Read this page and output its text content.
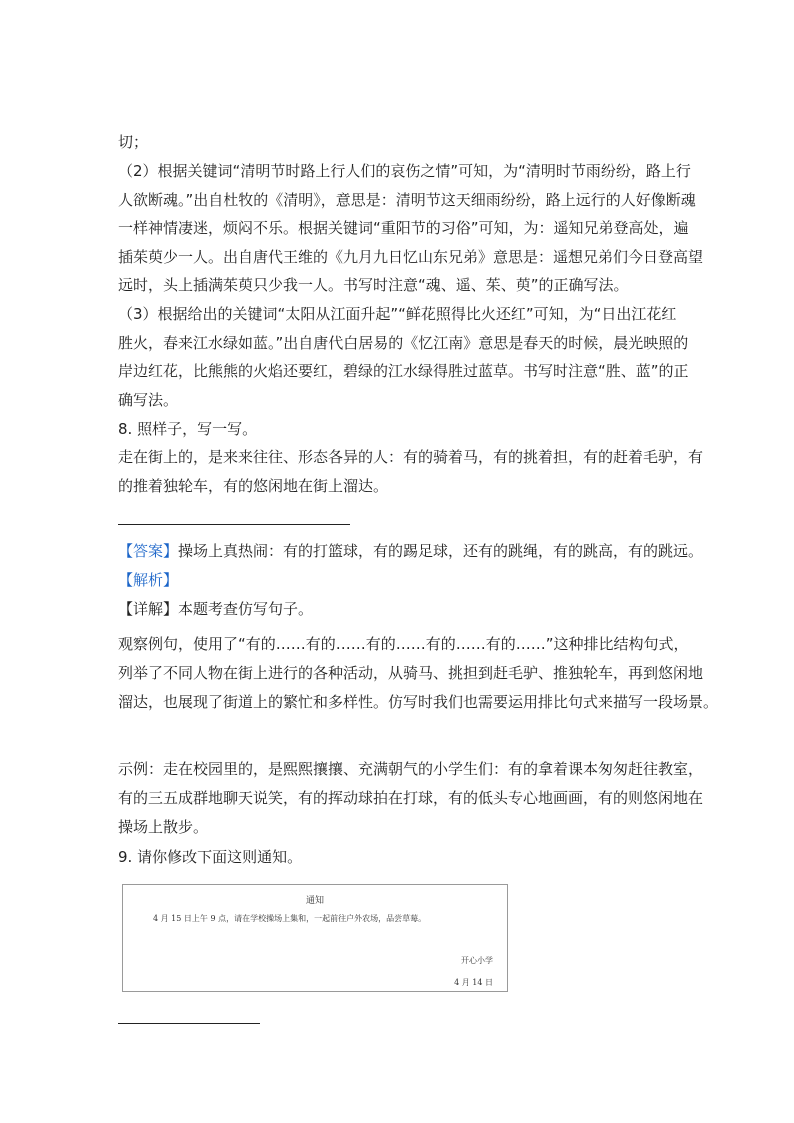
切；
（2）根据关键词“清明节时路上行人们的哀伤之情”可知，为“清明时节雨纷纷，路上行
人欲断魂。”出自杜牧的《清明》，意思是：清明节这天细雨纷纷，路上远行的人好像断魂
一样神情凄迷，烦闷不乐。根据关键词“重阳节的习俗”可知，为：遥知兄弟登高处，遍
插茱萸少一人。出自唐代王维的《九月九日忆山东兄弟》意思是：遥想兄弟们今日登高望
远时，头上插满茱萸只少我一人。书写时注意“魂、遥、茱、萸”的正确写法。
（3）根据给出的关键词“太阳从江面升起”“鲜花照得比火还红”可知，为“日出江花红
胜火，春来江水绿如蓝。”出自唐代白居易的《忆江南》意思是春天的时候，晨光映照的
岸边红花，比熊熊的火焰还要红，碧绿的江水绿得胜过蓝草。书写时注意“胜、蓝”的正
确写法。
8. 照样子，写一写。
走在街上的，是来来往往、形态各异的人：有的骑着马，有的挑着担，有的赶着毛驴，有
的推着独轮车，有的悠闲地在街上溜达。
【答案】操场上真热闹：有的打篮球，有的踢足球，还有的跳绳，有的跳高，有的跳远。
【解析】
【详解】本题考查仿写句子。
观察例句，使用了“有的……有的……有的……有的……有的……”这种排比结构句式，
列举了不同人物在街上进行的各种活动，从骑马、挑担到赶毛驴、推独轮车，再到悠闲地
溜达，也展现了街道上的繁忙和多样性。仿写时我们也需要运用排比句式来描写一段场景。
示例：走在校园里的，是熙熙攘攘、充满朝气的小学生们：有的拿着课本匆匆赶往教室，
有的三五成群地聊天说笑，有的挥动球拍在打球，有的低头专心地画画，有的则悠闲地在
操场上散步。
9. 请你修改下面这则通知。
通知
4 月 15 日上午 9 点，请在学校操场上集和，一起前往户外农场，品尝草莓。
开心小学
4 月 14 日
